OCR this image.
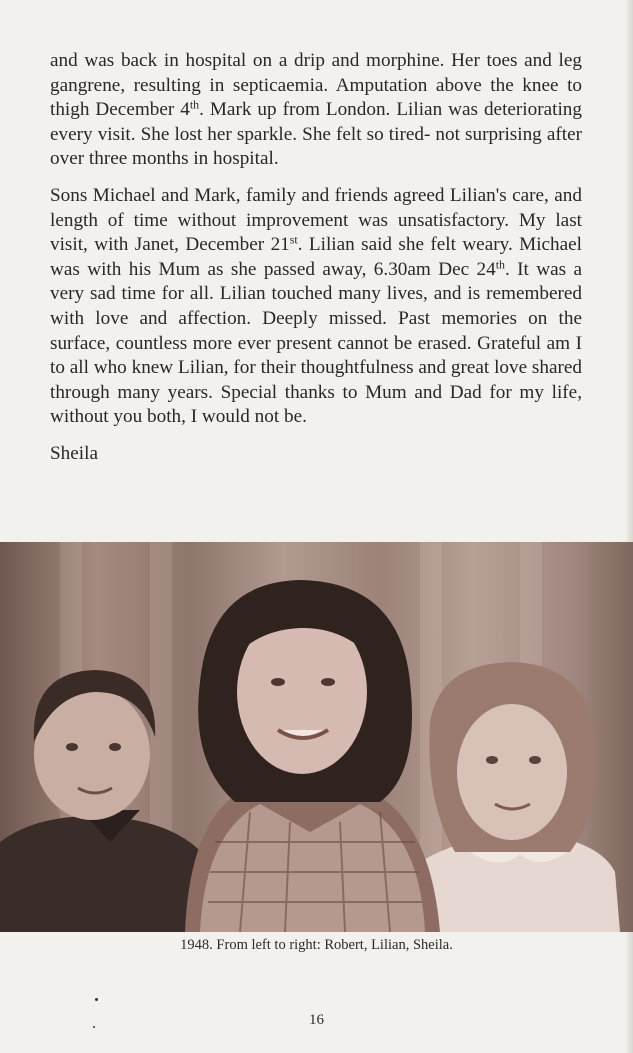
and was back in hospital on a drip and morphine. Her toes and leg gangrene, resulting in septicaemia. Amputation above the knee to thigh December 4th. Mark up from London. Lilian was deteriorating every visit. She lost her sparkle. She felt so tired- not surprising after over three months in hospital.

Sons Michael and Mark, family and friends agreed Lilian's care, and length of time without improvement was unsatisfactory. My last visit, with Janet, December 21st. Lilian said she felt weary. Michael was with his Mum as she passed away, 6.30am Dec 24th. It was a very sad time for all. Lilian touched many lives, and is remembered with love and affection. Deeply missed. Past memories on the surface, countless more ever present cannot be erased. Grateful am I to all who knew Lilian, for their thoughtfulness and great love shared through many years. Special thanks to Mum and Dad for my life, without you both, I would not be.

Sheila

1948. From left to right: Robert, Lilian, Sheila.
16
